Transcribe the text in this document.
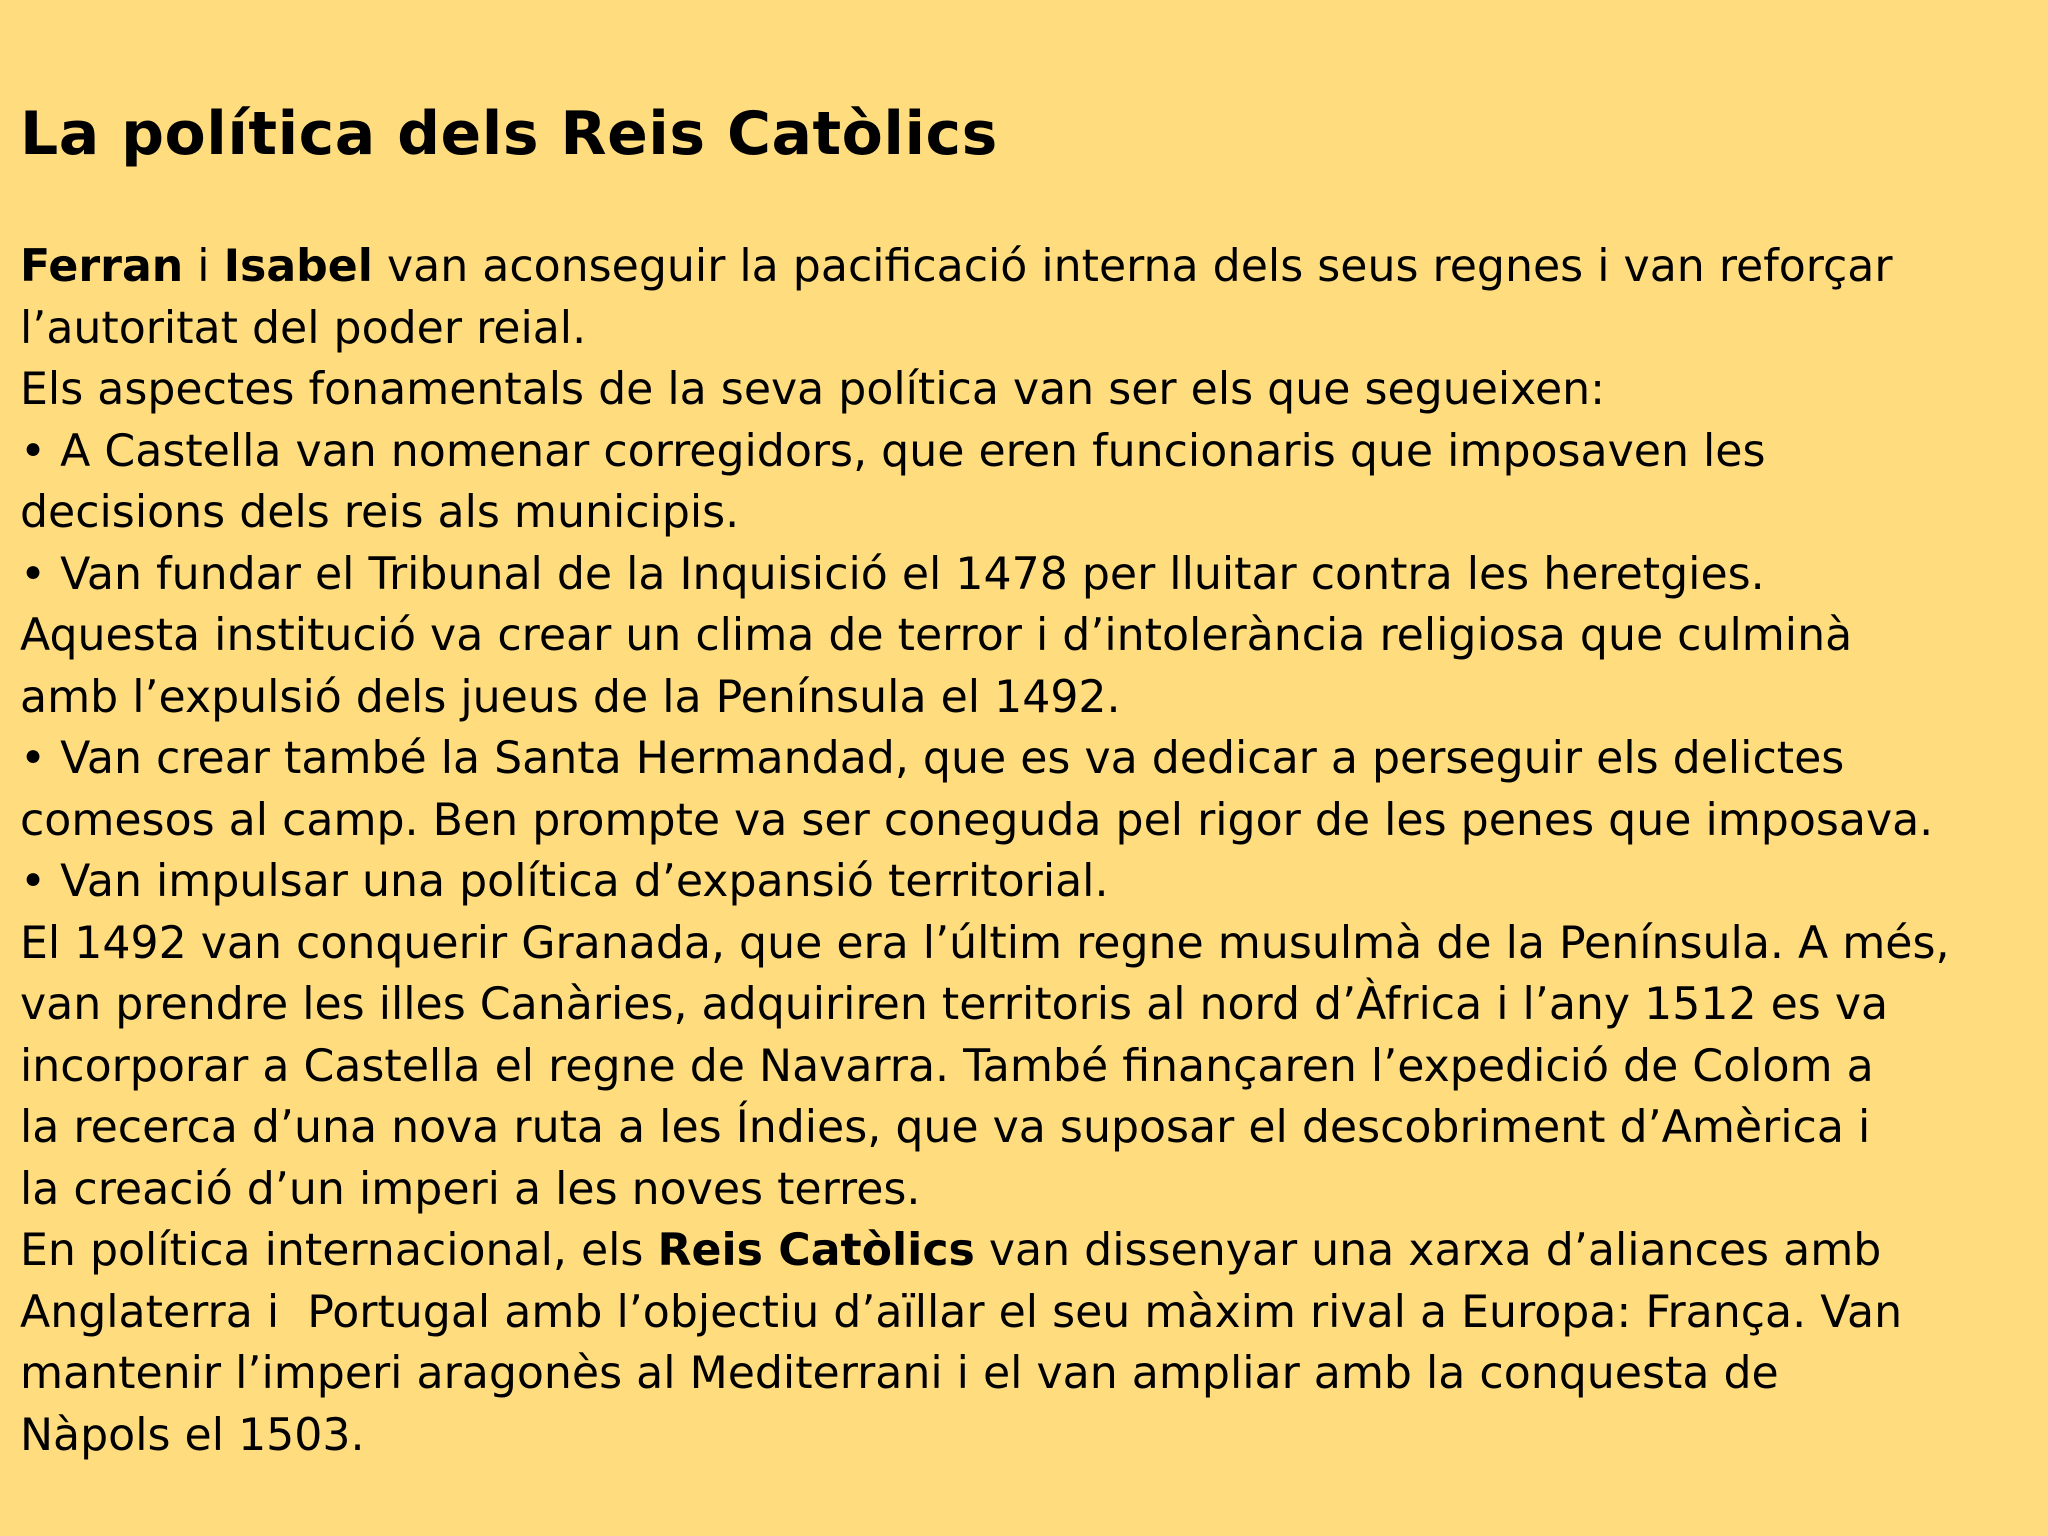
La política dels Reis Catòlics
Ferran i Isabel van aconseguir la pacificació interna dels seus regnes i van reforçar
l’autoritat del poder reial.
Els aspectes fonamentals de la seva política van ser els que segueixen:
• A Castella van nomenar corregidors, que eren funcionaris que imposaven les
decisions dels reis als municipis.
• Van fundar el Tribunal de la Inquisició el 1478 per lluitar contra les heretgies.
Aquesta institució va crear un clima de terror i d’intolerància religiosa que culminà
amb l’expulsió dels jueus de la Península el 1492.
• Van crear també la Santa Hermandad, que es va dedicar a perseguir els delictes
comesos al camp. Ben prompte va ser coneguda pel rigor de les penes que imposava.
• Van impulsar una política d’expansió territorial.
El 1492 van conquerir Granada, que era l’últim regne musulmà de la Península. A més,
van prendre les illes Canàries, adquiriren territoris al nord d’Àfrica i l’any 1512 es va
incorporar a Castella el regne de Navarra. També finançaren l’expedició de Colom a
la recerca d’una nova ruta a les Índies, que va suposar el descobriment d’Amèrica i
la creació d’un imperi a les noves terres.
En política internacional, els Reis Catòlics van dissenyar una xarxa d’aliances amb
Anglaterra i  Portugal amb l’objectiu d’aïllar el seu màxim rival a Europa: França. Van
mantenir l’imperi aragonès al Mediterrani i el van ampliar amb la conquesta de
Nàpols el 1503.
